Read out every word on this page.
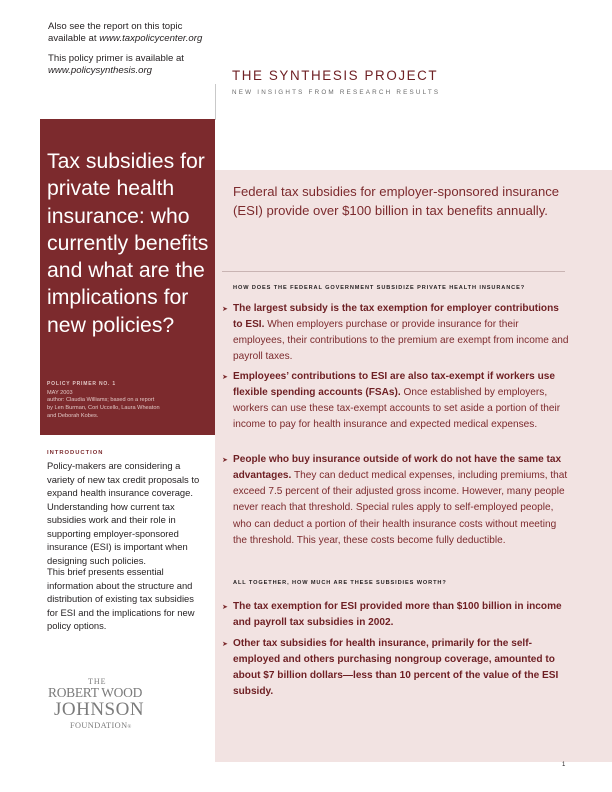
Also see the report on this topic
available at www.taxpolicycenter.org
This policy primer is available at
www.policysynthesis.org	THE SYNTHESIS PROJECT
NEW INSIGHTS FROM RESEARCH RESULTS
Federal tax subsidies for employer-sponsored insurance (ESI) provide over $100 billion in tax benefits annually.
HOW DOES THE FEDERAL GOVERNMENT SUBSIDIZE PRIVATE HEALTH INSURANCE?
➤ The largest subsidy is the tax exemption for employer contributions to ESI. When employers purchase or provide insurance for their employees, their contributions to the premium are exempt from income and payroll taxes.
➤ Employees’ contributions to ESI are also tax-exempt if workers use flexible spending accounts (FSAs). Once established by employers, workers can use these tax-exempt accounts to set aside a portion of their income to pay for health insurance and expected medical expenses.
➤ People who buy insurance outside of work do not have the same tax advantages. They can deduct medical expenses, including premiums, that exceed 7.5 percent of their adjusted gross income. However, many people never reach that threshold. Special rules apply to self-employed people, who can deduct a portion of their health insurance costs without meeting the threshold. This year, these costs become fully deductible.
ALL TOGETHER, HOW MUCH ARE THESE SUBSIDIES WORTH?
➤ The tax exemption for ESI provided more than $100 billion in income and payroll tax subsidies in 2002.
➤ Other tax subsidies for health insurance, primarily for the self-employed and others purchasing nongroup coverage, amounted to about $7 billion dollars—less than 10 percent of the value of the ESI subsidy.
Tax subsidies for private health insurance: who currently benefits and what are the implications for new policies?
POLICY PRIMER NO. 1
MAY 2003
author: Claudia Williams; based on a report
by Len Burman, Cori Uccello, Laura Wheaton
and Deborah Kobes.
INTRODUCTION
Policy-makers are considering a variety of new tax credit proposals to expand health insurance coverage. Understanding how current tax subsidies work and their role in supporting employer-sponsored insurance (ESI) is important when designing such policies.
This brief presents essential information about the structure and distribution of existing tax subsidies for ESI and the implications for new policy options.
THE
ROBERT WOOD
JOHNSON
FOUNDATION®
1
